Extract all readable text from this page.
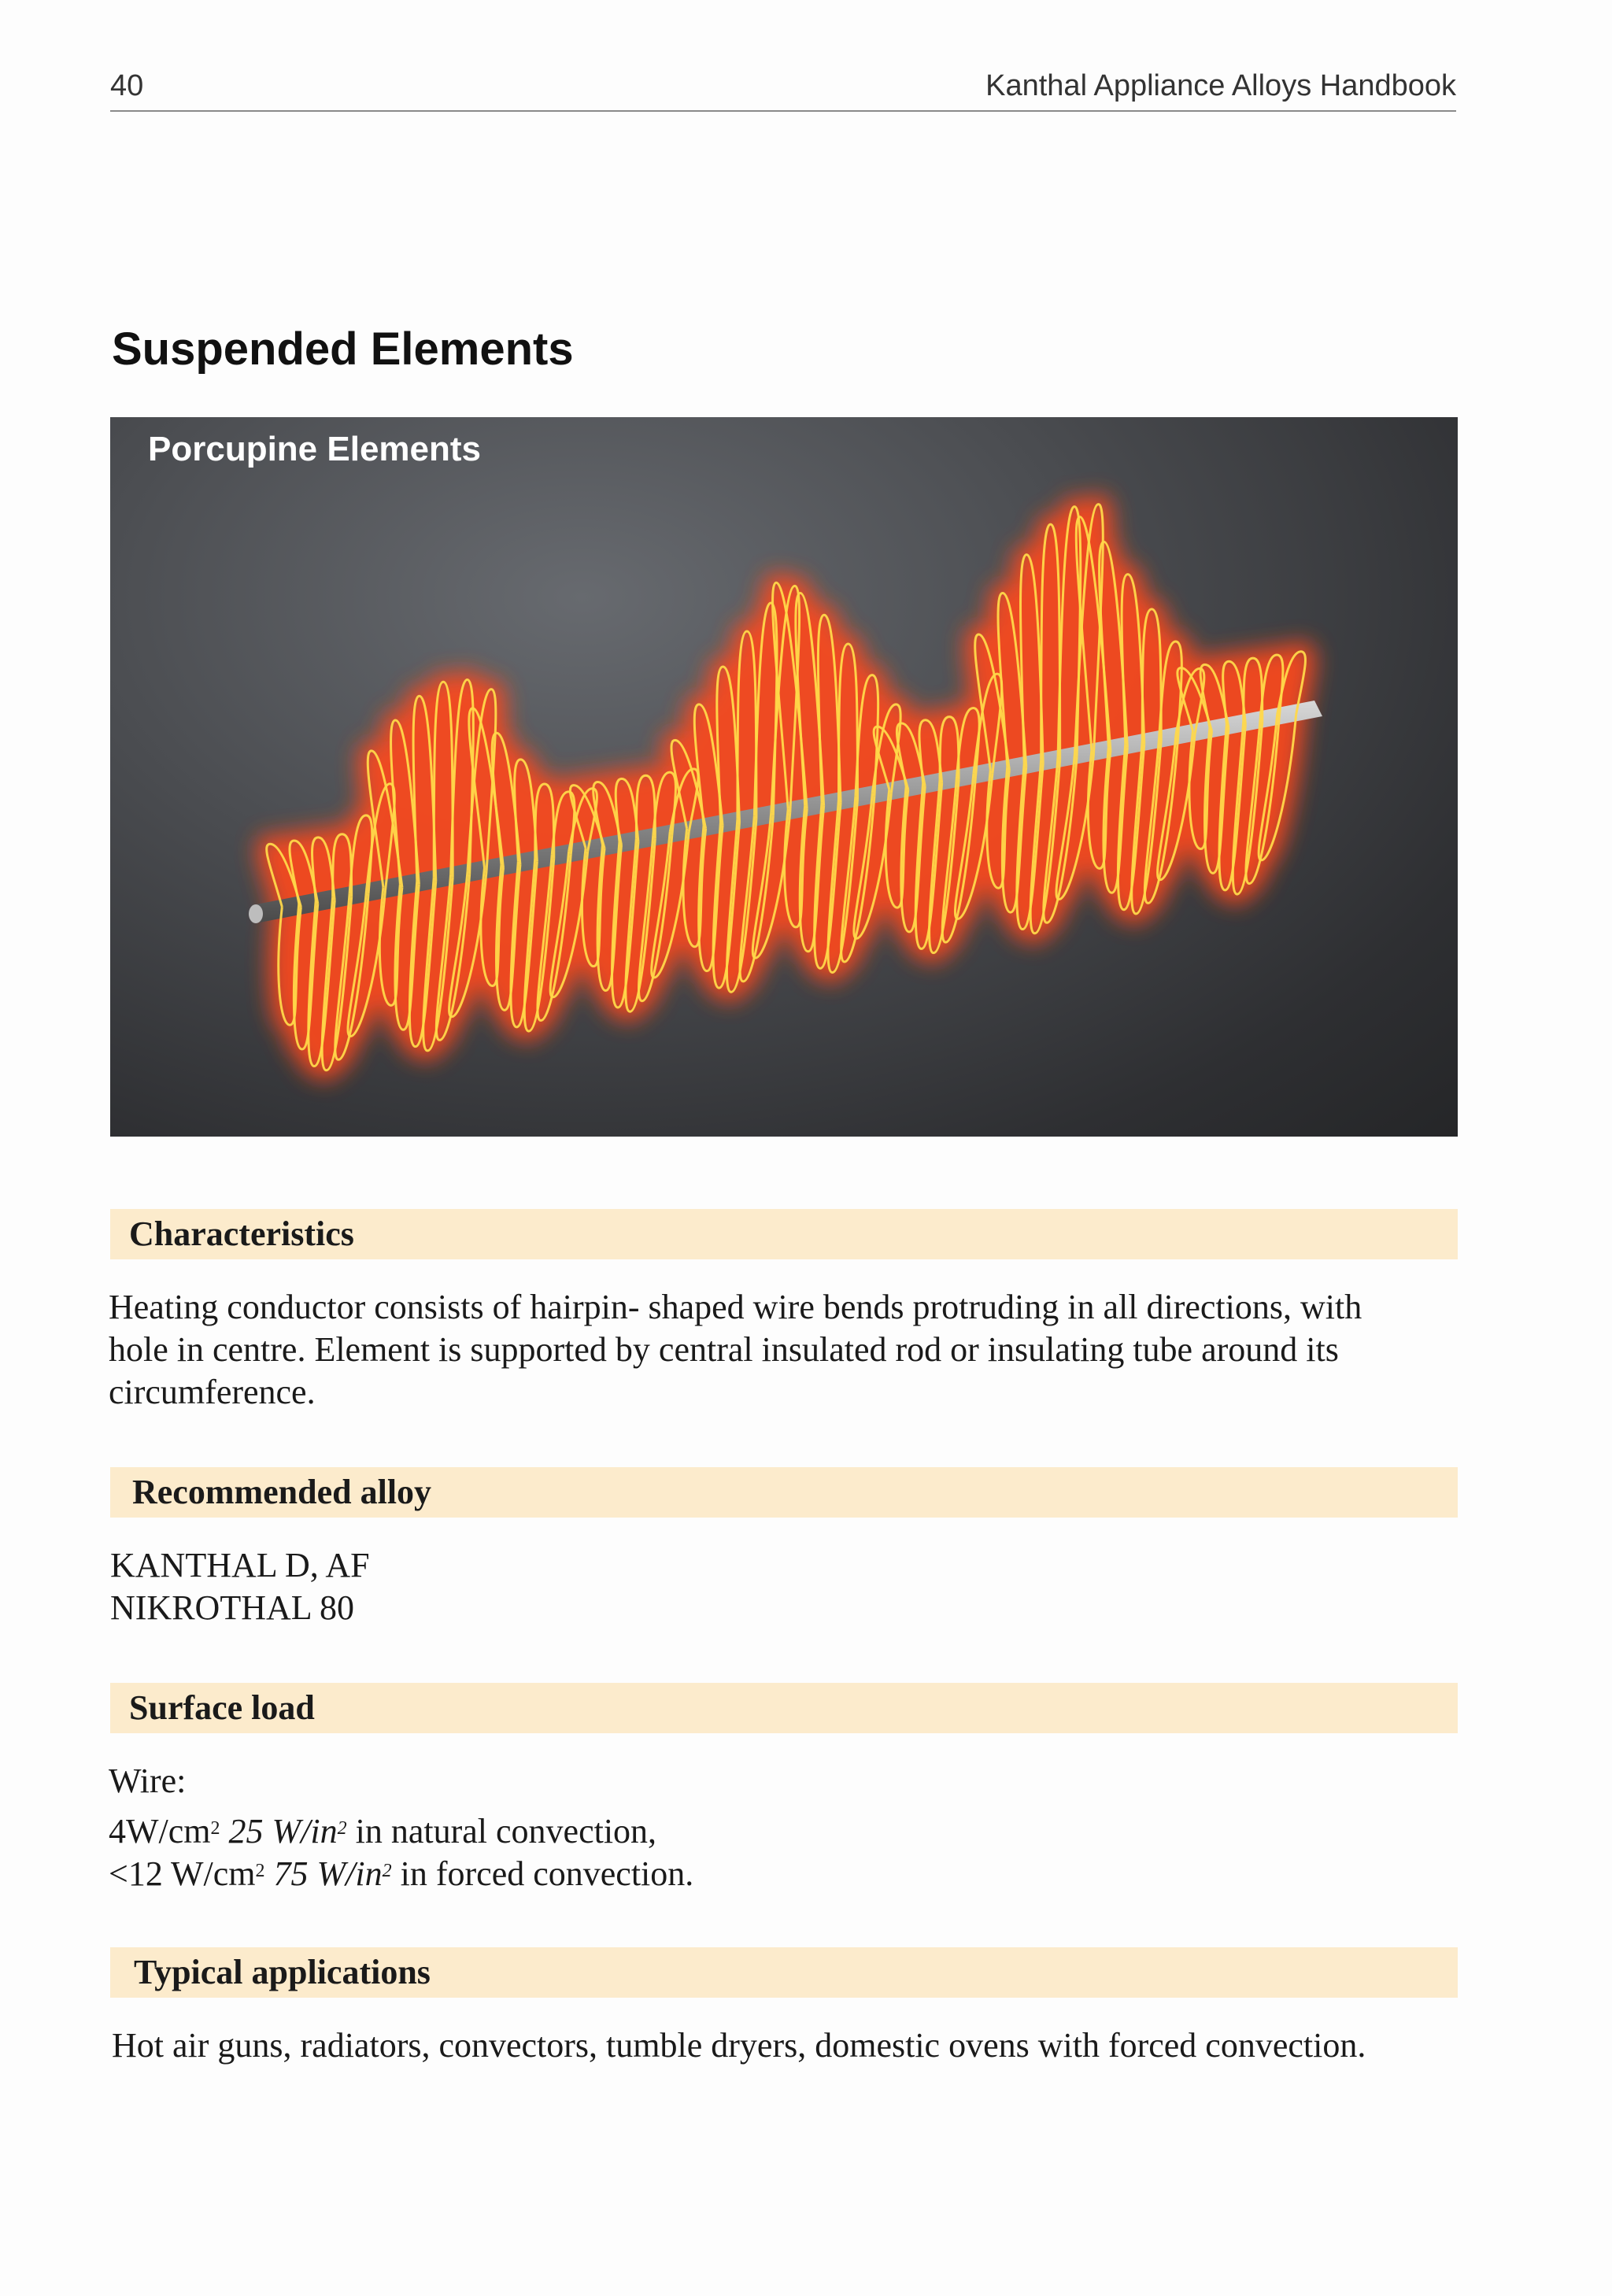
40	Kanthal Appliance Alloys Handbook
Suspended Elements
Porcupine Elements
Characteristics

Heating conductor consists of hairpin- shaped wire bends protruding in all directions, with

hole in centre. Element is supported by central insulated rod or insulating tube around its

circumference.

Recommended alloy

KANTHAL D, AF

NIKROTHAL 80

Surface load

Wire:

$4W/cm^2$ 25 $W/in^2$ in natural convection,

<12 $W/cm^2$ 75 $W/in^2$ in forced convection.

Typical applications
Hot air guns, radiators, convectors, tumble dryers, domestic ovens with forced convection.
